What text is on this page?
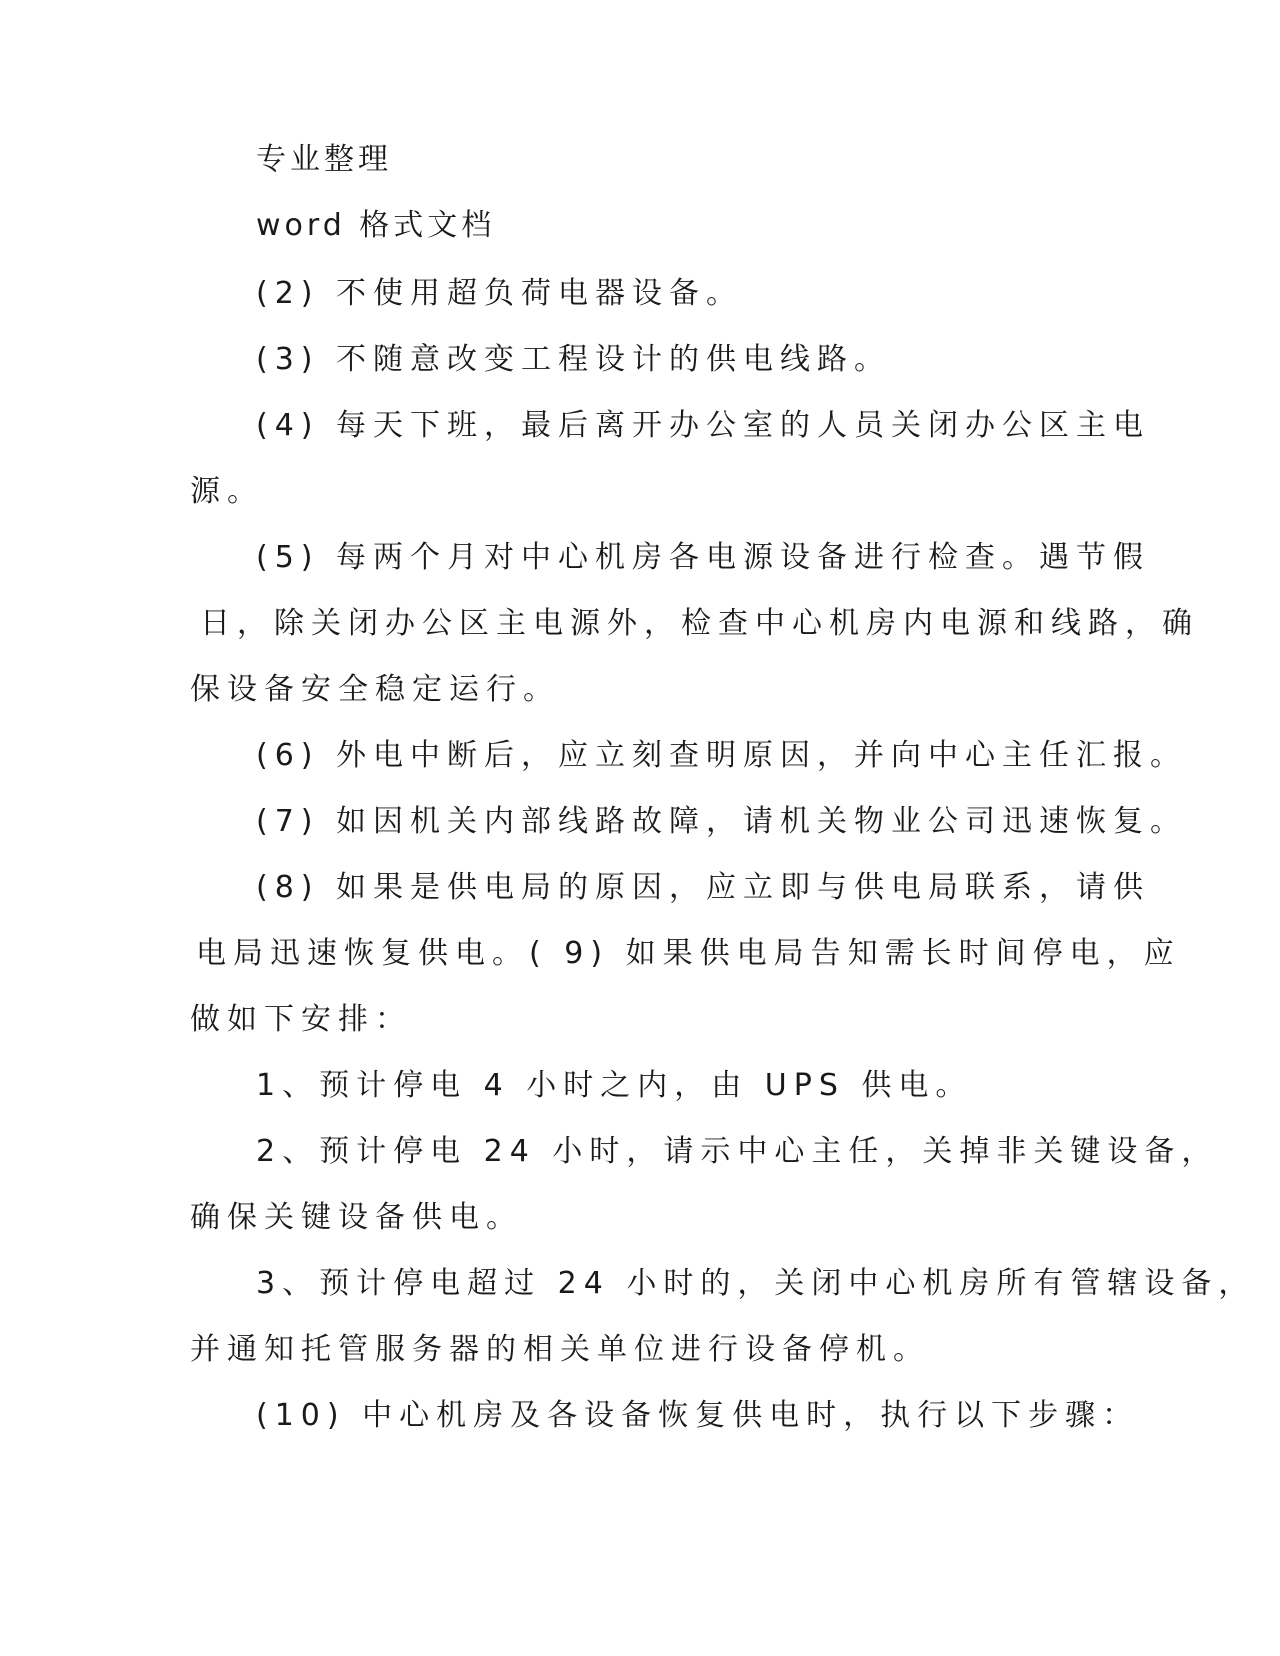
专业整理
word 格式文档
(2) 不使用超负荷电器设备。
(3) 不随意改变工程设计的供电线路。
(4) 每天下班，最后离开办公室的人员关闭办公区主电
源。
(5) 每两个月对中心机房各电源设备进行检查。遇节假
日，除关闭办公区主电源外，检查中心机房内电源和线路，确
保设备安全稳定运行。
(6) 外电中断后，应立刻查明原因，并向中心主任汇报。
(7) 如因机关内部线路故障，请机关物业公司迅速恢复。
(8) 如果是供电局的原因，应立即与供电局联系，请供
电局迅速恢复供电。( 9) 如果供电局告知需长时间停电，应
做如下安排：
1、预计停电 4 小时之内，由 UPS 供电。
2、预计停电 24 小时，请示中心主任，关掉非关键设备，
确保关键设备供电。
3、预计停电超过 24 小时的，关闭中心机房所有管辖设备，
并通知托管服务器的相关单位进行设备停机。
(10) 中心机房及各设备恢复供电时，执行以下步骤：
